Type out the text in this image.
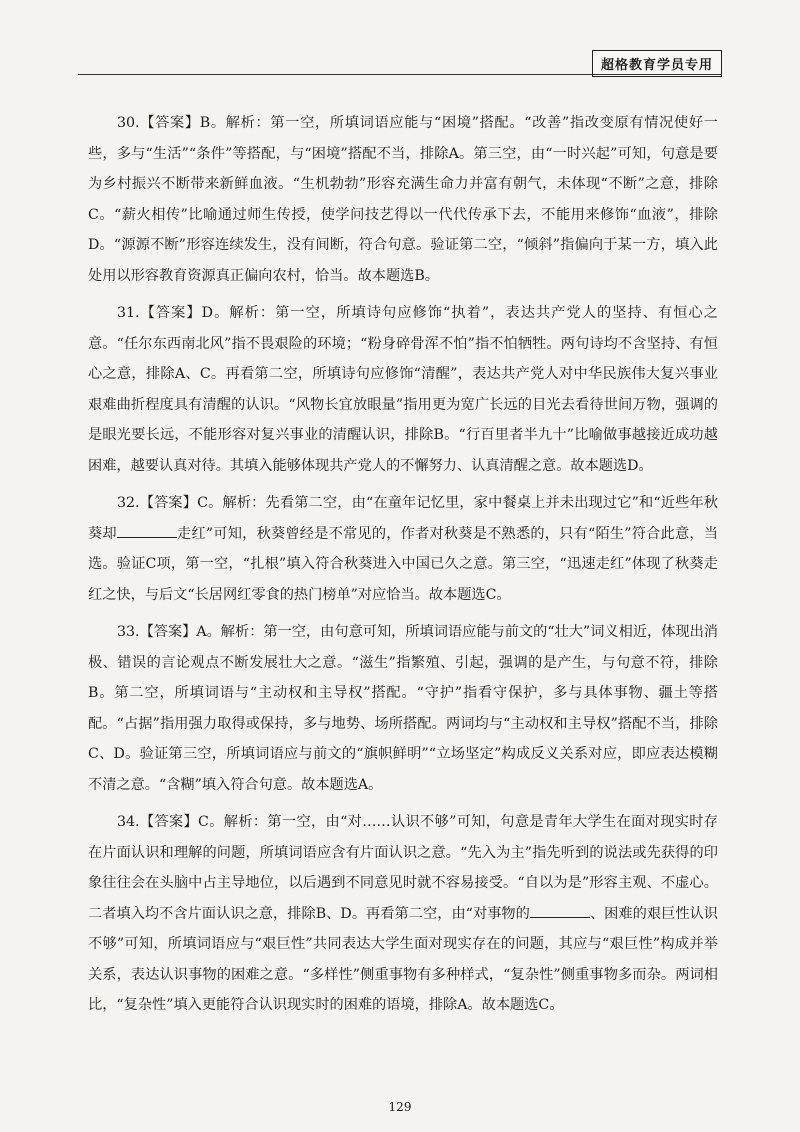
超格教育学员专用

30.【答案】B。解析：第一空，所填词语应能与“困境”搭配。“改善”指改变原有情况使好一些，多与“生活”“条件”等搭配，与“困境”搭配不当，排除A。第三空，由“一时兴起”可知，句意是要为乡村振兴不断带来新鲜血液。“生机勃勃”形容充满生命力并富有朝气，未体现“不断”之意，排除C。“薪火相传”比喻通过师生传授，使学问技艺得以一代代传承下去，不能用来修饰“血液”，排除D。“源源不断”形容连续发生，没有间断，符合句意。验证第二空，“倾斜”指偏向于某一方，填入此处用以形容教育资源真正偏向农村，恰当。故本题选B。

31.【答案】D。解析：第一空，所填诗句应修饰“执着”，表达共产党人的坚持、有恒心之意。“任尔东西南北风”指不畏艰险的环境；“粉身碎骨浑不怕”指不怕牺牲。两句诗均不含坚持、有恒心之意，排除A、C。再看第二空，所填诗句应修饰“清醒”，表达共产党人对中华民族伟大复兴事业艰难曲折程度具有清醒的认识。“风物长宜放眼量”指用更为宽广长远的目光去看待世间万物，强调的是眼光要长远，不能形容对复兴事业的清醒认识，排除B。“行百里者半九十”比喻做事越接近成功越困难，越要认真对待。其填入能够体现共产党人的不懈努力、认真清醒之意。故本题选D。

32.【答案】C。解析：先看第二空，由“在童年记忆里，家中餐桌上并未出现过它”和“近些年秋葵却	走红”可知，秋葵曾经是不常见的，作者对秋葵是不熟悉的，只有“陌生”符合此意，当选。验证C项，第一空，“扎根”填入符合秋葵进入中国已久之意。第三空，“迅速走红”体现了秋葵走红之快，与后文“长居网红零食的热门榜单”对应恰当。故本题选C。

33.【答案】A。解析：第一空，由句意可知，所填词语应能与前文的“壮大”词义相近，体现出消极、错误的言论观点不断发展壮大之意。“滋生”指繁殖、引起，强调的是产生，与句意不符，排除B。第二空，所填词语与“主动权和主导权”搭配。“守护”指看守保护，多与具体事物、疆土等搭配。“占据”指用强力取得或保持，多与地势、场所搭配。两词均与“主动权和主导权”搭配不当，排除C、D。验证第三空，所填词语应与前文的“旗帜鲜明”“立场坚定”构成反义关系对应，即应表达模糊不清之意。“含糊”填入符合句意。故本题选A。

34.【答案】C。解析：第一空，由“对……认识不够”可知，句意是青年大学生在面对现实时存在片面认识和理解的问题，所填词语应含有片面认识之意。“先入为主”指先听到的说法或先获得的印象往往会在头脑中占主导地位，以后遇到不同意见时就不容易接受。“自以为是”形容主观、不虚心。二者填入均不含片面认识之意，排除B、D。再看第二空，由“对事物的	、困难的艰巨性认识不够”可知，所填词语应与“艰巨性”共同表达大学生面对现实存在的问题，其应与“艰巨性”构成并举关系，表达认识事物的困难之意。“多样性”侧重事物有多种样式，“复杂性”侧重事物多而杂。两词相比，“复杂性”填入更能符合认识现实时的困难的语境，排除A。故本题选C。

129
